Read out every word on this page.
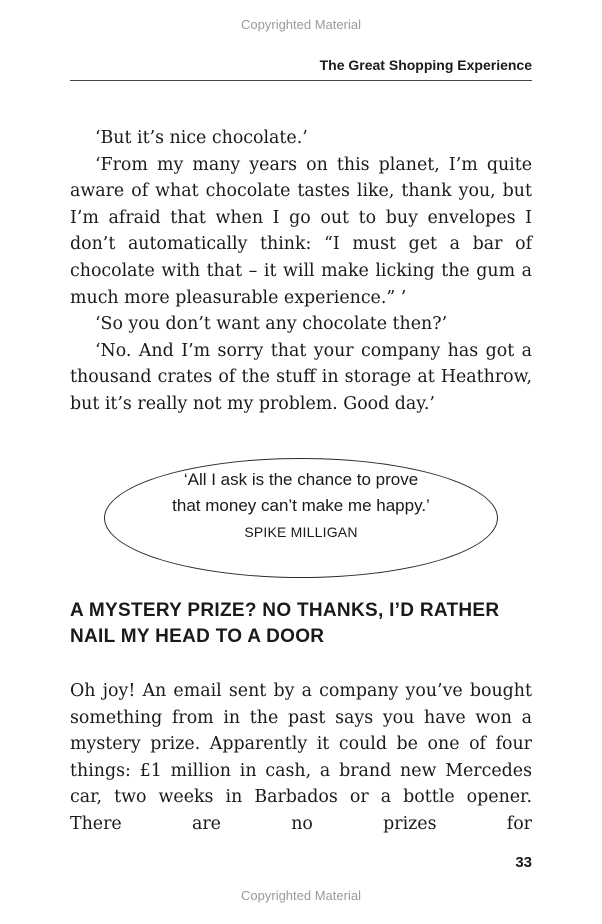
Copyrighted Material
The Great Shopping Experience

‘But it’s nice chocolate.’

‘From my many years on this planet, I’m quite aware of what chocolate tastes like, thank you, but I’m afraid that when I go out to buy envelopes I don’t automatically think: “I must get a bar of chocolate with that – it will make licking the gum a much more pleasurable experience.” ’

‘So you don’t want any chocolate then?’

‘No. And I’m sorry that your company has got a thousand crates of the stuff in storage at Heathrow, but it’s really not my problem. Good day.’

‘All I ask is the chance to prove
that money can’t make me happy.’
SPIKE MILLIGAN
A MYSTERY PRIZE? NO THANKS, I’D RATHER NAIL MY HEAD TO A DOOR

Oh joy! An email sent by a company you’ve bought something from in the past says you have won a mystery prize. Apparently it could be one of four things: £1 million in cash, a brand new Mercedes car, two weeks in Barbados or a bottle opener. There are no prizes for

33
Copyrighted Material
